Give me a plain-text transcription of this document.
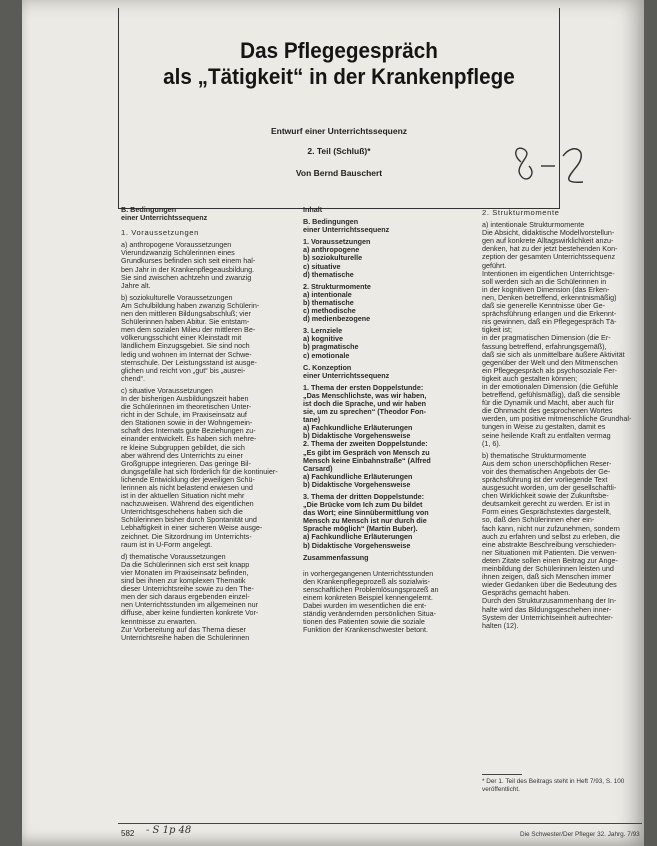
Das Pflegegespräch
als „Tätigkeit“ in der Krankenpflege
Entwurf einer Unterrichtssequenz
2. Teil (Schluß)*
Von Bernd Bauschert

B. Bedingungen

einer Unterrichtssequenz

1. Voraussetzungen

a) anthropogene Voraussetzungen

Vierundzwanzig Schülerinnen eines

Grundkurses befinden sich seit einem hal-

ben Jahr in der Krankenpflegeausbildung.

Sie sind zwischen achtzehn und zwanzig

Jahre alt.

b) soziokulturelle Voraussetzungen

Am Schulbildung haben zwanzig Schülerin-

nen den mittleren Bildungsabschluß; vier

Schülerinnen haben Abitur. Sie entstam-

men dem sozialen Milieu der mittleren Be-

völkerungsschicht einer Kleinstadt mit

ländlichem Einzugsgebiet. Sie sind noch

ledig und wohnen im Internat der Schwe-

sternschule. Der Leistungsstand ist ausge-

glichen und reicht von „gut“ bis „ausrei-

chend“.

c) situative Voraussetzungen

In der bisherigen Ausbildungszeit haben

die Schülerinnen im theoretischen Unter-

richt in der Schule, im Praxiseinsatz auf

den Stationen sowie in der Wohngemein-

schaft des Internats gute Beziehungen zu-

einander entwickelt. Es haben sich mehre-

re kleine Subgruppen gebildet, die sich

aber während des Unterrichts zu einer

Großgruppe integrieren. Das geringe Bil-

dungsgefälle hat sich förderlich für die kontinuier-

lichende Entwicklung der jeweiligen Schü-

lerinnen als nicht belastend erwiesen und

ist in der aktuellen Situation nicht mehr

nachzuweisen. Während des eigentlichen

Unterrichtsgeschehens haben sich die

Schülerinnen bisher durch Spontanität und

Lebhaftigkeit in einer sicheren Weise ausge-

zeichnet. Die Sitzordnung im Unterrichts-

raum ist in U-Form angelegt.

d) thematische Voraussetzungen

Da die Schülerinnen sich erst seit knapp

vier Monaten im Praxiseinsatz befinden,

sind bei ihnen zur komplexen Thematik

dieser Unterrichtsreihe sowie zu den The-

men der sich daraus ergebenden einzel-

nen Unterrichtsstunden im allgemeinen nur

diffuse, aber keine fundierten konkrete Vor-

kenntnisse zu erwarten.

Zur Vorbereitung auf das Thema dieser

Unterrichtsreihe haben die Schülerinnen

Inhalt

B. Bedingungen

einer Unterrichtssequenz

1. Voraussetzungen

a) anthropogene

b) soziokulturelle

c) situative

d) thematische

2. Strukturmomente

a) intentionale

b) thematische

c) methodische

d) medienbezogene

3. Lernziele

a) kognitive

b) pragmatische

c) emotionale

C. Konzeption

einer Unterrichtssequenz

1. Thema der ersten Doppelstunde:

„Das Menschlichste, was wir haben,

ist doch die Sprache, und wir haben

sie, um zu sprechen“ (Theodor Fon-

tane)

a) Fachkundliche Erläuterungen

b) Didaktische Vorgehensweise

2. Thema der zweiten Doppelstunde:

„Es gibt im Gespräch von Mensch zu

Mensch keine Einbahnstraße“ (Alfred

Carsard)

a) Fachkundliche Erläuterungen

b) Didaktische Vorgehensweise

3. Thema der dritten Doppelstunde:

„Die Brücke vom Ich zum Du bildet

das Wort; eine Sinnübermittlung von

Mensch zu Mensch ist nur durch die

Sprache möglich“ (Martin Buber).

a) Fachkundliche Erläuterungen

b) Didaktische Vorgehensweise

Zusammenfassung

in vorhergegangenen Unterrichtsstunden

den Krankenpflegeprozeß als sozialwis-

senschaftlichen Problemlösungsprozeß an

einem konkreten Beispiel kennengelernt.

Dabei wurden im wesentlichen die ent-

ständig verändernden persönlichen Situa-

tionen des Patienten sowie die soziale

Funktion der Krankenschwester betont.

2. Strukturmomente

a) intentionale Strukturmomente

Die Absicht, didaktische Modellvorstellun-

gen auf konkrete Alltagswirklichkeit anzu-

denken, hat zu der jetzt bestehenden Kon-

zeption der gesamten Unterrichtssequenz

geführt.

Intentionen im eigentlichen Unterrichtsge-

soll werden sich an die Schülerinnen in

in der kognitiven Dimension (das Erken-

nen, Denken betreffend, erkenntnismäßig)

daß sie generelle Kenntnisse über Ge-

sprächsführung erlangen und die Erkennt-

nis gewinnen, daß ein Pflegegespräch Tä-

tigkeit ist;

in der pragmatischen Dimension (die Er-

fassung betreffend, erfahrungsgemäß),

daß sie sich als unmittelbare äußere Aktivität

gegenüber der Welt und den Mitmenschen

ein Pflegegespräch als psychosoziale Fer-

tigkeit auch gestalten können;

in der emotionalen Dimension (die Gefühle

betreffend, gefühlsmäßig), daß die sensible

für die Dynamik und Macht, aber auch für

die Ohnmacht des gesprochenen Wortes

werden, um positive mitmenschliche Grundhal-

tungen in Weise zu gestalten, damit es

seine heilende Kraft zu entfalten vermag

(1, 6).

b) thematische Strukturmomente

Aus dem schon unerschöpflichen Reser-

voir des thematischen Angebots der Ge-

sprächsführung ist der vorliegende Text

ausgesucht worden, um der gesellschaftli-

chen Wirklichkeit sowie der Zukunftsbe-

deutsamkeit gerecht zu werden. Er ist in

Form eines Gesprächstextes dargestellt,

so, daß den Schülerinnen eher ein-

fach kann, nicht nur zufzunehmen, sondern

auch zu erfahren und selbst zu erleben, die

eine abstrakte Beschreibung verschieden-

ner Situationen mit Patienten. Die verwen-

deten Zitate sollen einen Beitrag zur Ange-

meinbildung der Schülerinnen leisten und

ihnen zeigen, daß sich Menschen immer

wieder Gedanken über die Bedeutung des

Gesprächs gemacht haben.

Durch den Strukturzusammenhang der In-

halte wird das Bildungsgeschehen inner-

System der Unterrichtseinheit aufrechter-

halten (12).

* Der 1. Teil des Beitrags steht in Heft 7/93, S. 100
veröffentlicht.
582 - S 1p 48	Die Schwester/Der Pfleger 32. Jahrg. 7/93
